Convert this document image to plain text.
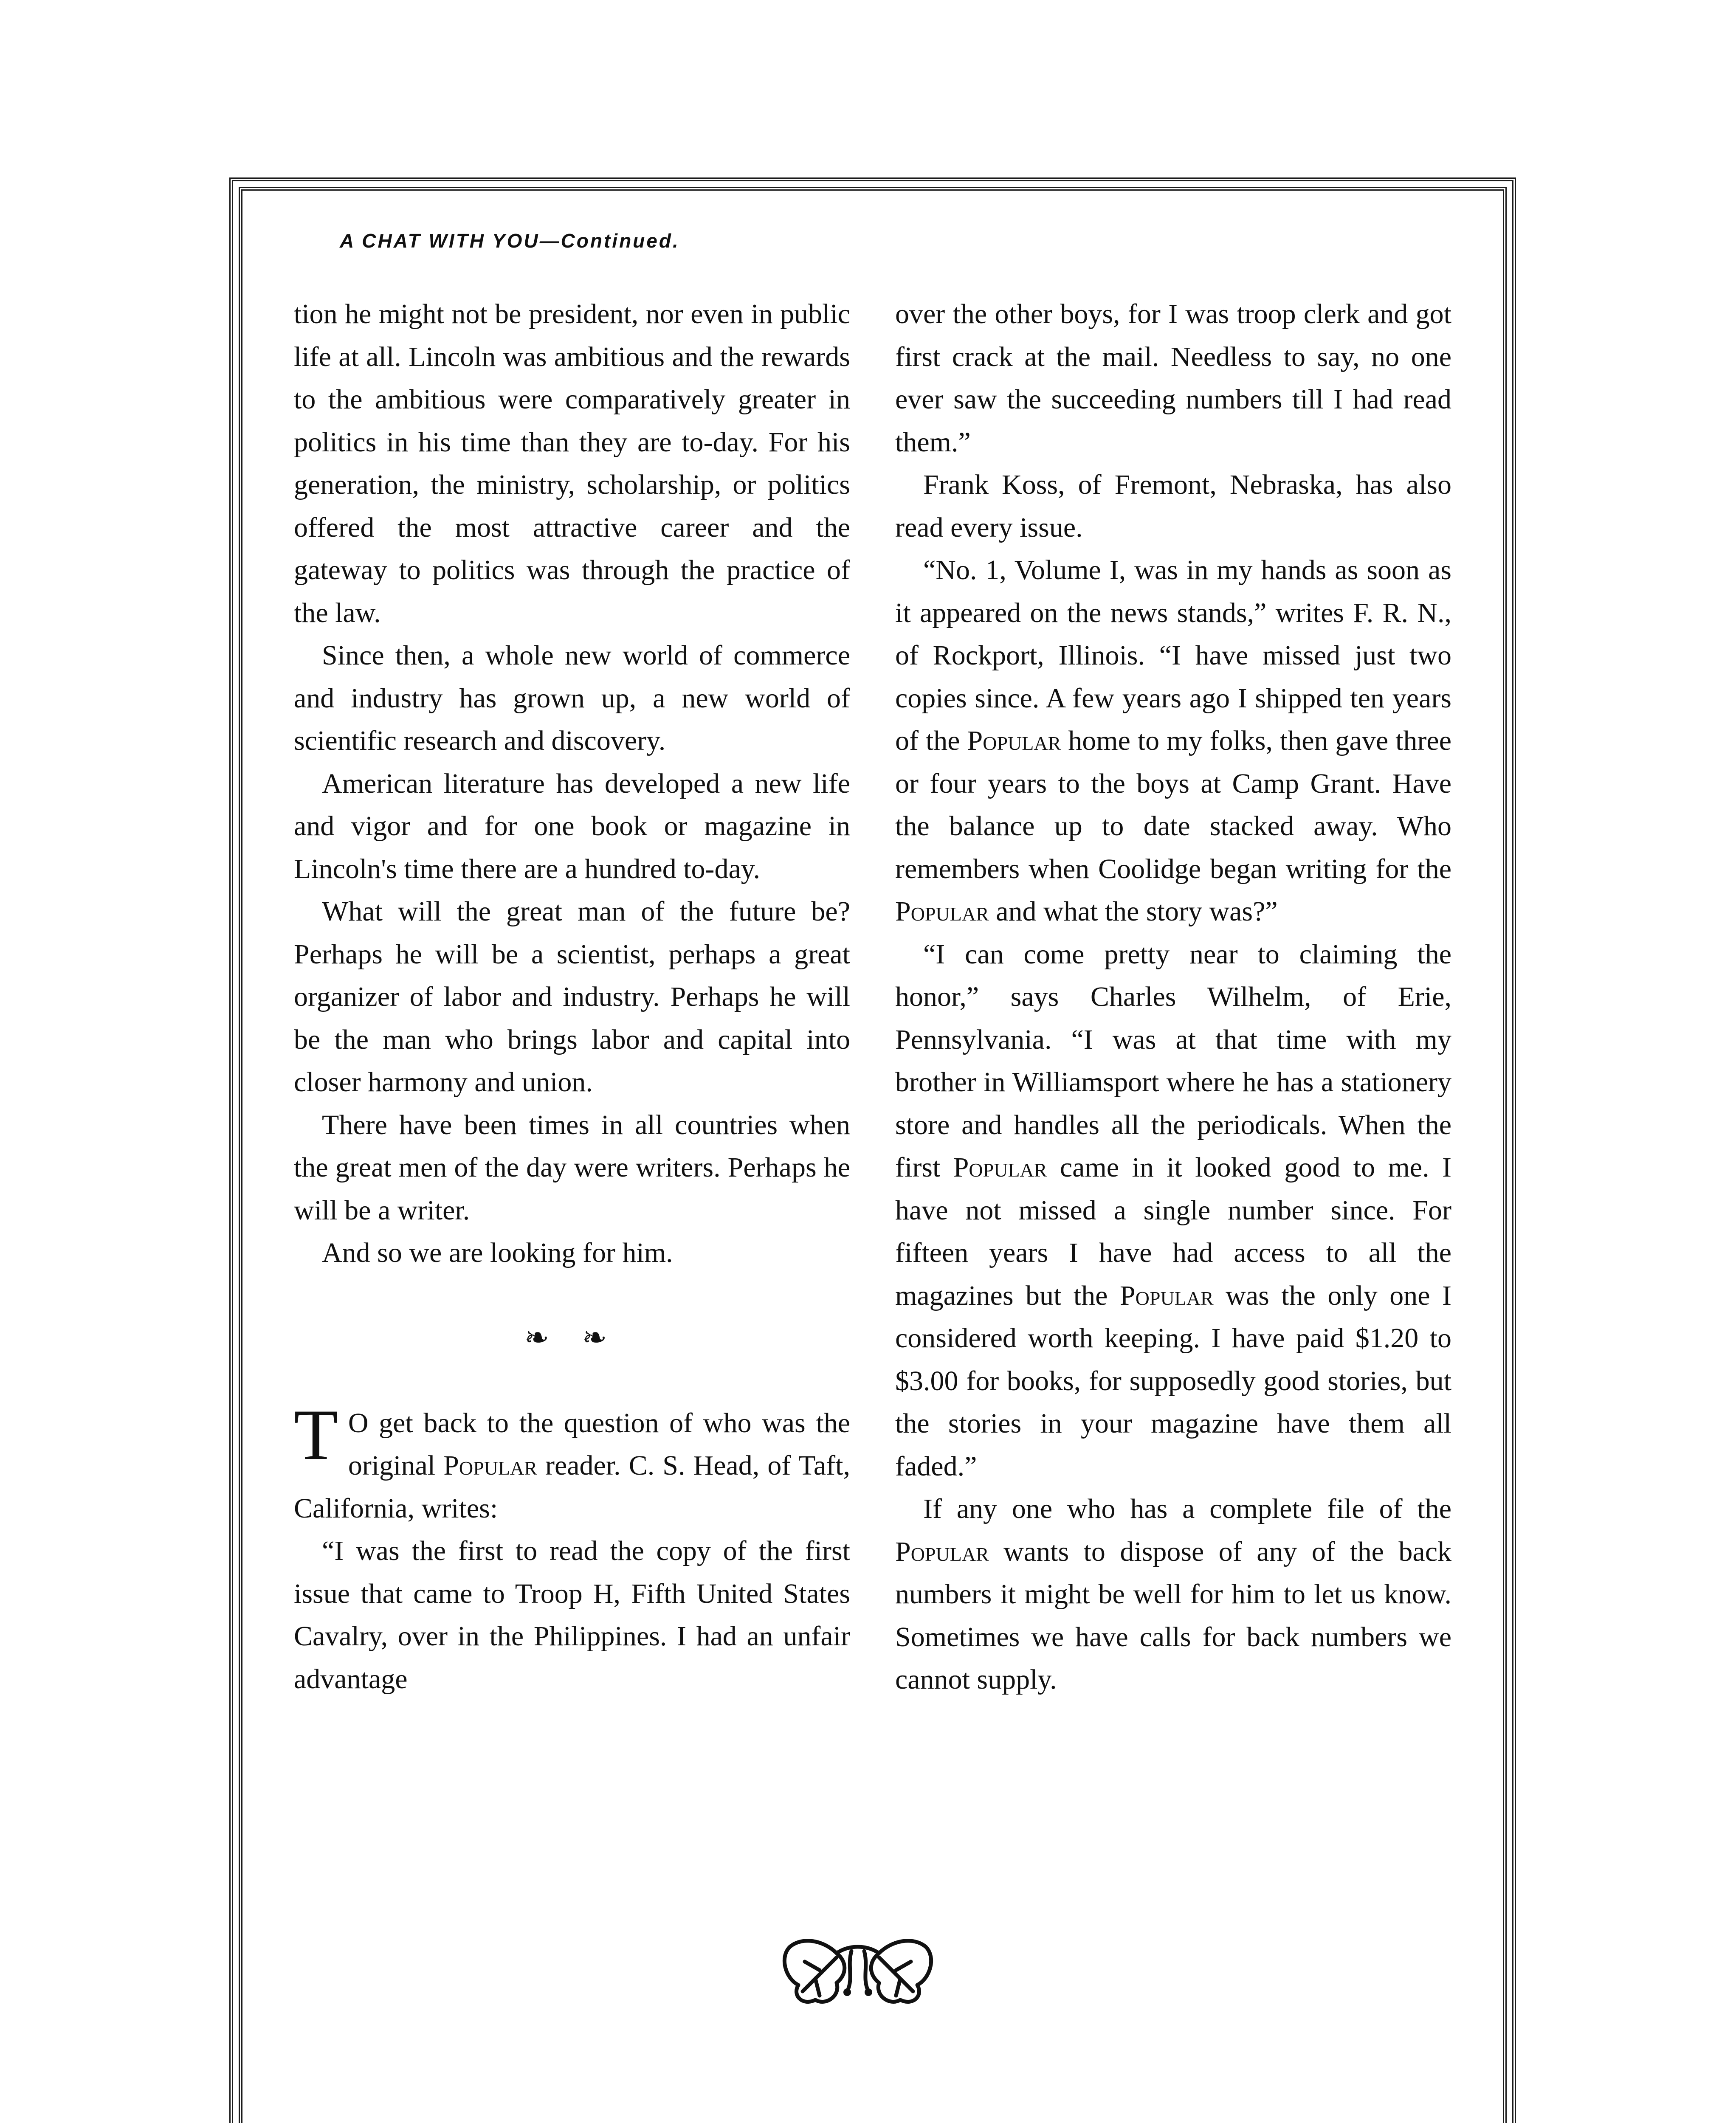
A CHAT WITH YOU—Continued.

tion he might not be president, nor even in public life at all. Lincoln was ambitious and the rewards to the ambitious were comparatively greater in politics in his time than they are to-day. For his generation, the ministry, scholarship, or politics offered the most attractive career and the gateway to politics was through the practice of the law.

Since then, a whole new world of commerce and industry has grown up, a new world of scientific research and discovery.

American literature has developed a new life and vigor and for one book or magazine in Lincoln's time there are a hundred to-day.

What will the great man of the future be? Perhaps he will be a scientist, perhaps a great organizer of labor and industry. Perhaps he will be the man who brings labor and capital into closer harmony and union.

There have been times in all countries when the great men of the day were writers. Perhaps he will be a writer.

And so we are looking for him.

❧ ❧

T O get back to the question of who was the original Popular reader. C. S. Head, of Taft, California, writes:

“I was the first to read the copy of the first issue that came to Troop H, Fifth United States Cavalry, over in the Philippines. I had an unfair advantage

over the other boys, for I was troop clerk and got first crack at the mail. Needless to say, no one ever saw the succeeding numbers till I had read them.”

Frank Koss, of Fremont, Nebraska, has also read every issue.

“No. 1, Volume I, was in my hands as soon as it appeared on the news stands,” writes F. R. N., of Rockport, Illinois. “I have missed just two copies since. A few years ago I shipped ten years of the Popular home to my folks, then gave three or four years to the boys at Camp Grant. Have the balance up to date stacked away. Who remembers when Coolidge began writing for the Popular and what the story was?”

“I can come pretty near to claiming the honor,” says Charles Wilhelm, of Erie, Pennsylvania. “I was at that time with my brother in Williamsport where he has a stationery store and handles all the periodicals. When the first Popular came in it looked good to me. I have not missed a single number since. For fifteen years I have had access to all the magazines but the Popular was the only one I considered worth keeping. I have paid $1.20 to $3.00 for books, for supposedly good stories, but the stories in your magazine have them all faded.”

If any one who has a complete file of the Popular wants to dispose of any of the back numbers it might be well for him to let us know. Sometimes we have calls for back numbers we cannot supply.
